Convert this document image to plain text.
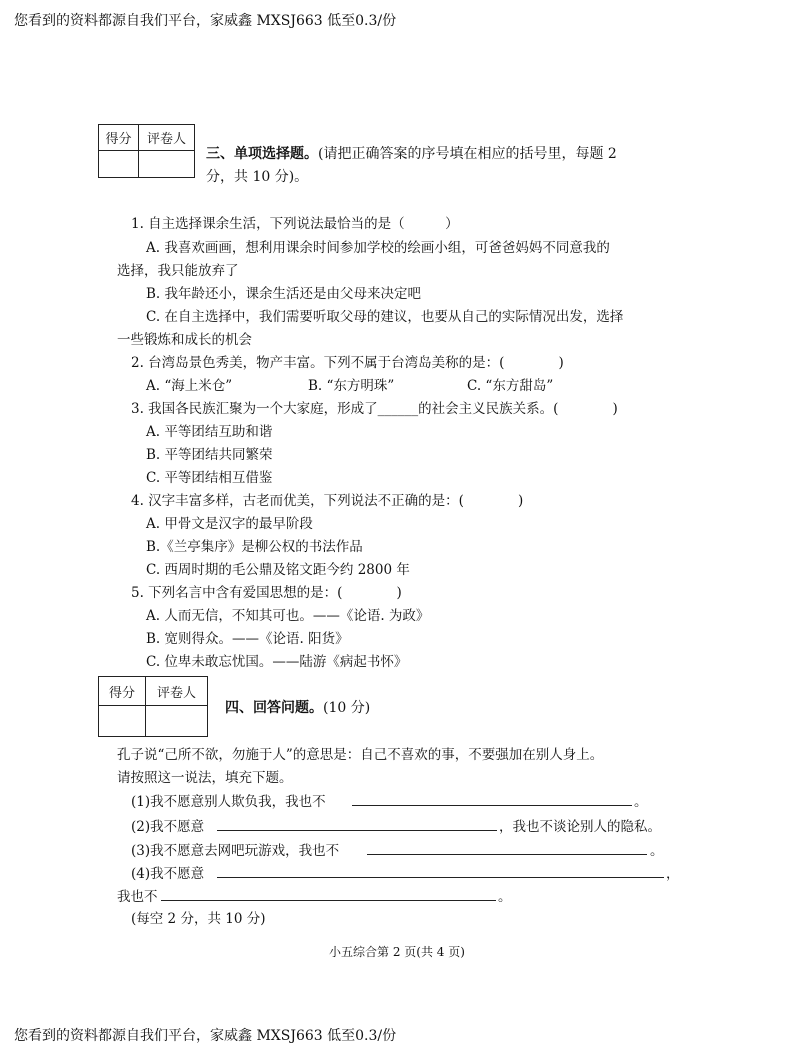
您看到的资料都源自我们平台，家威鑫 MXSJ663 低至0.3/份
得分	评卷人

三、单项选择题。(请把正确答案的序号填在相应的括号里，每题 2
分，共 10 分)。
1. 自主选择课余生活，下列说法最恰当的是（　　　）
A. 我喜欢画画，想利用课余时间参加学校的绘画小组，可爸爸妈妈不同意我的
选择，我只能放弃了
B. 我年龄还小，课余生活还是由父母来决定吧
C. 在自主选择中，我们需要听取父母的建议，也要从自己的实际情况出发，选择
一些锻炼和成长的机会
2. 台湾岛景色秀美，物产丰富。下列不属于台湾岛美称的是：(　　　　)
A. “海上米仓”	B. “东方明珠”	C. “东方甜岛”
3. 我国各民族汇聚为一个大家庭，形成了______的社会主义民族关系。(　　　　)
A. 平等团结互助和谐
B. 平等团结共同繁荣
C. 平等团结相互借鉴
4. 汉字丰富多样，古老而优美，下列说法不正确的是：(　　　　)
A. 甲骨文是汉字的最早阶段
B.《兰亭集序》是柳公权的书法作品
C. 西周时期的毛公鼎及铭文距今约 2800 年
5. 下列名言中含有爱国思想的是：(　　　　)
A. 人而无信，不知其可也。——《论语. 为政》
B. 宽则得众。——《论语. 阳货》
C. 位卑未敢忘忧国。——陆游《病起书怀》
得分	评卷人

四、回答问题。(10 分)
孔子说“己所不欲，勿施于人”的意思是：自己不喜欢的事，不要强加在别人身上。
请按照这一说法，填充下题。
(1)我不愿意别人欺负我，我也不	。
(2)我不愿意	，我也不谈论别人的隐私。
(3)我不愿意去网吧玩游戏，我也不	。
(4)我不愿意	，
我也不	。
(每空 2 分，共 10 分)
小五综合第 2 页(共 4 页)
您看到的资料都源自我们平台，家威鑫 MXSJ663 低至0.3/份
